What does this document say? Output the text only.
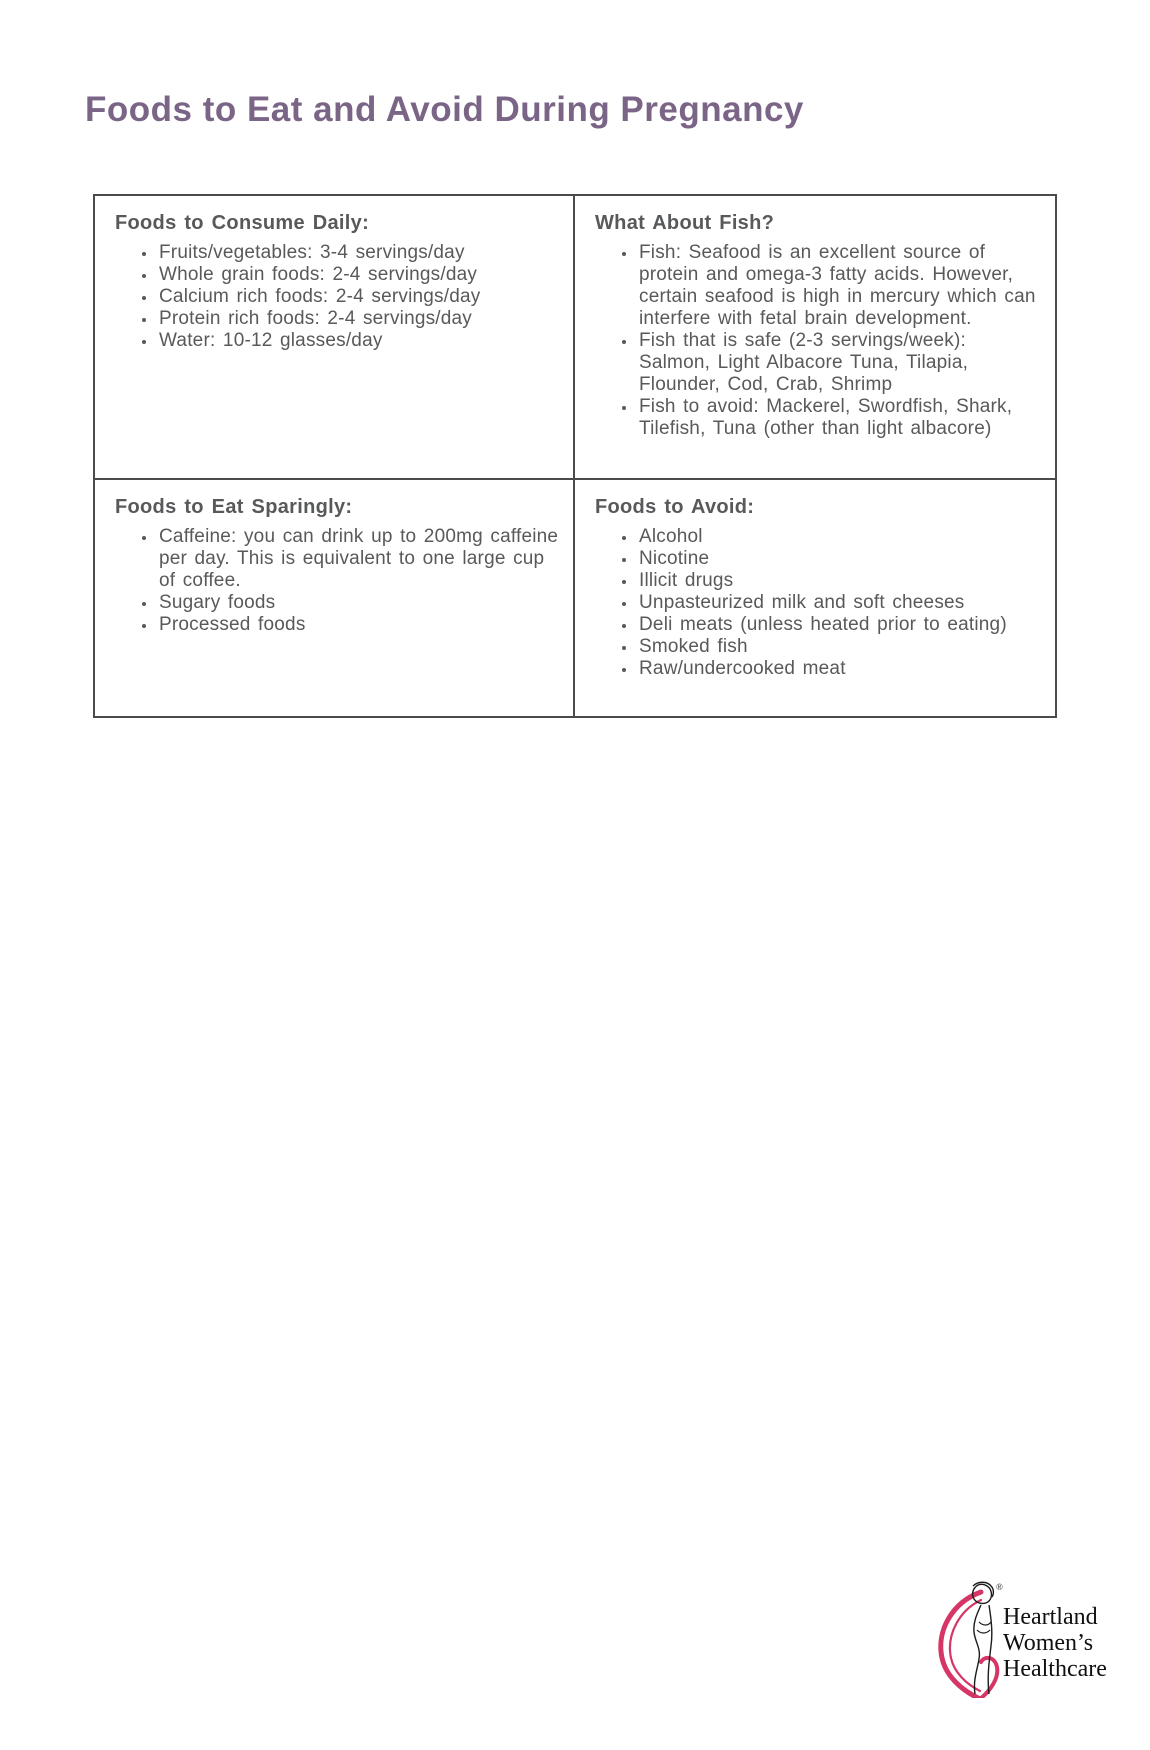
Foods to Eat and Avoid During Pregnancy
Foods to Consume Daily:
• Fruits/vegetables: 3-4 servings/day
• Whole grain foods: 2-4 servings/day
• Calcium rich foods: 2-4 servings/day
• Protein rich foods: 2-4 servings/day
• Water: 10-12 glasses/day
What About Fish?
• Fish: Seafood is an excellent source of protein and omega-3 fatty acids. However, certain seafood is high in mercury which can interfere with fetal brain development.
• Fish that is safe (2-3 servings/week): Salmon, Light Albacore Tuna, Tilapia, Flounder, Cod, Crab, Shrimp
• Fish to avoid: Mackerel, Swordfish, Shark, Tilefish, Tuna (other than light albacore)
Foods to Eat Sparingly:
• Caffeine: you can drink up to 200mg caffeine per day. This is equivalent to one large cup of coffee.
• Sugary foods
• Processed foods
Foods to Avoid:
• Alcohol
• Nicotine
• Illicit drugs
• Unpasteurized milk and soft cheeses
• Deli meats (unless heated prior to eating)
• Smoked fish
• Raw/undercooked meat
®
Heartland
Women’s
Healthcare
